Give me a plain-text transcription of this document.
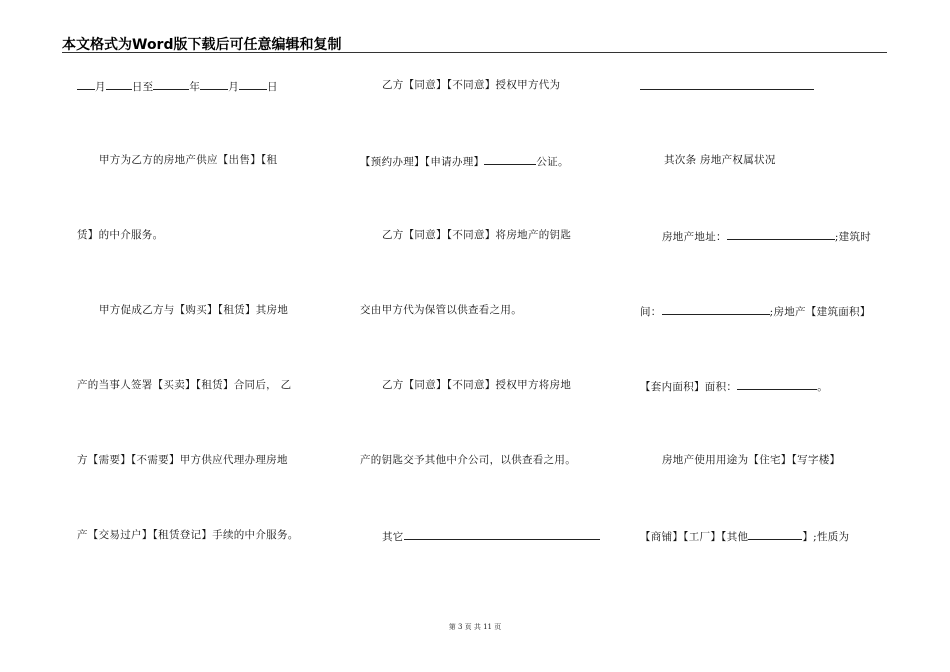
本文格式为Word版下载后可任意编辑和复制
月 日至	年	月	日
甲方为乙方的房地产供应【出售】【租
赁】的中介服务。
甲方促成乙方与【购买】【租赁】其房地
产的当事人签署【买卖】【租赁】合同后， 乙
方【需要】【不需要】甲方供应代理办理房地
产【交易过户】【租赁登记】手续的中介服务。
乙方【同意】【不同意】授权甲方代为
【预约办理】【申请办理】	公证。
乙方【同意】【不同意】将房地产的钥匙
交由甲方代为保管以供查看之用。
乙方【同意】【不同意】授权甲方将房地
产的钥匙交予其他中介公司，以供查看之用。
其它
其次条 房地产权属状况
房地产地址：	;建筑时
间：	;房地产【建筑面积】
【套内面积】面积：	。
房地产使用用途为【住宅】【写字楼】
【商铺】【工厂】【其他	】;性质为
第 3 页 共 11 页
